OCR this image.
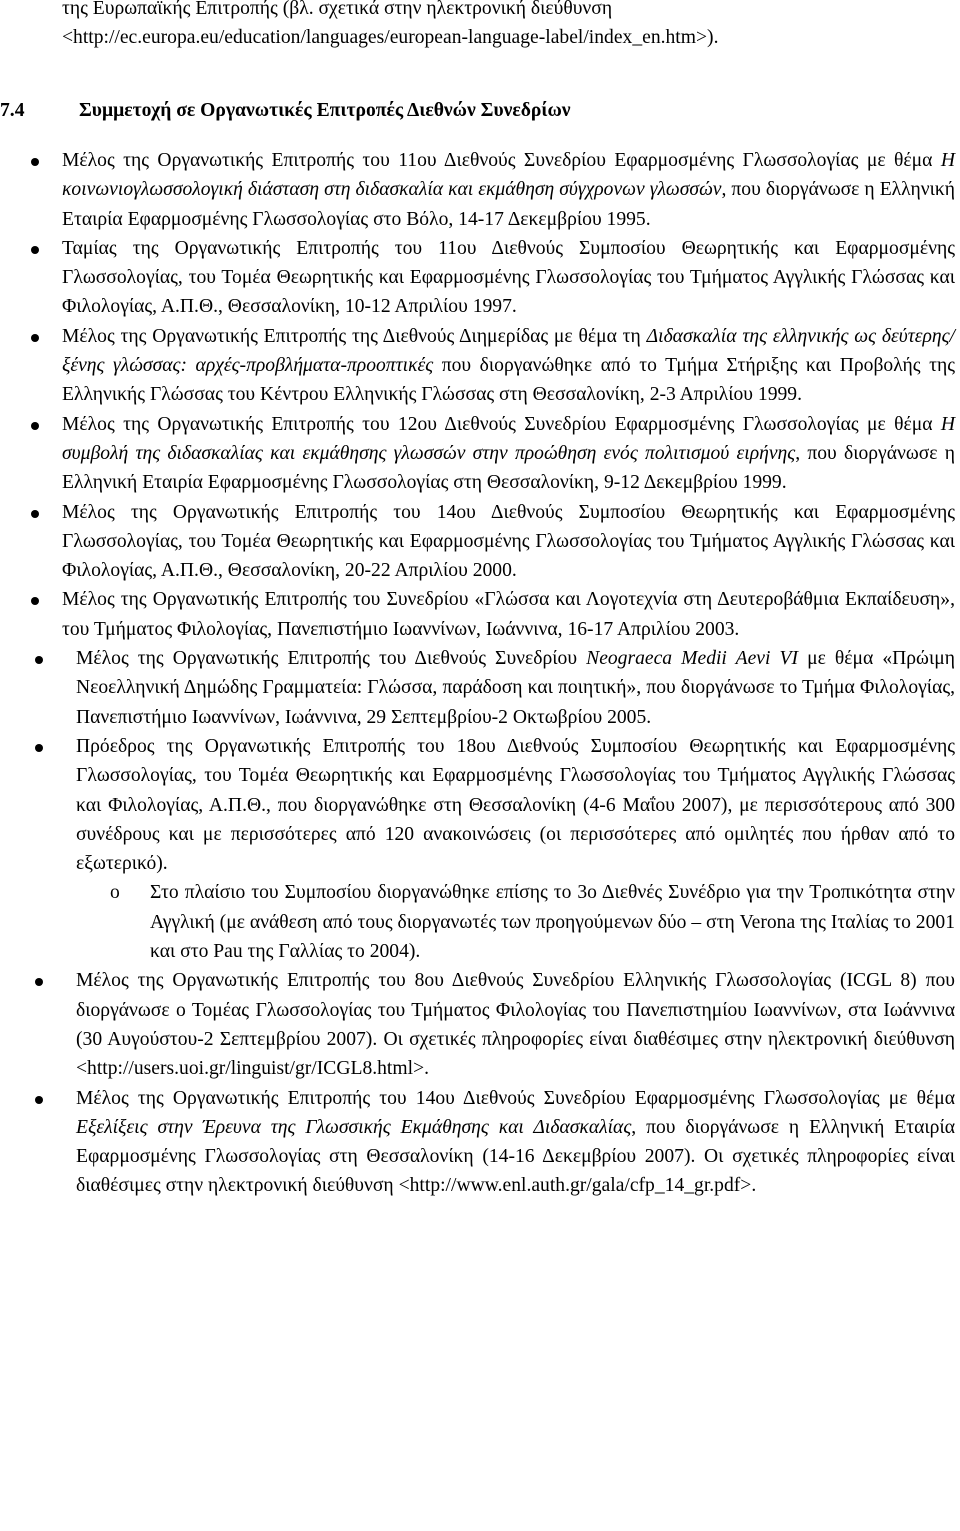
της Ευρωπαϊκής Επιτροπής (βλ. σχετικά στην ηλεκτρονική διεύθυνση
<http://ec.europa.eu/education/languages/european-language-label/index_en.htm>).
7.4	Συμμετοχή σε Οργανωτικές Επιτροπές Διεθνών Συνεδρίων
Μέλος της Οργανωτικής Επιτροπής του 11ου Διεθνούς Συνεδρίου Εφαρμοσμένης Γλωσσολογίας με θέμα Η κοινωνιογλωσσολογική διάσταση στη διδασκαλία και εκμάθηση σύγχρονων γλωσσών, που διοργάνωσε η Ελληνική Εταιρία Εφαρμοσμένης Γλωσσολογίας στο Βόλο, 14-17 Δεκεμβρίου 1995.
Ταμίας της Οργανωτικής Επιτροπής του 11ου Διεθνούς Συμποσίου Θεωρητικής και Εφαρμοσμένης Γλωσσολογίας, του Τομέα Θεωρητικής και Εφαρμοσμένης Γλωσσολογίας του Τμήματος Αγγλικής Γλώσσας και Φιλολογίας, Α.Π.Θ., Θεσσαλονίκη, 10-12 Απριλίου 1997.
Μέλος της Οργανωτικής Επιτροπής της Διεθνούς Διημερίδας με θέμα τη Διδασκαλία της ελληνικής ως δεύτερης/ξένης γλώσσας: αρχές-προβλήματα-προοπτικές που διοργανώθηκε από το Τμήμα Στήριξης και Προβολής της Ελληνικής Γλώσσας του Κέντρου Ελληνικής Γλώσσας στη Θεσσαλονίκη, 2-3 Απριλίου 1999.
Μέλος της Οργανωτικής Επιτροπής του 12ου Διεθνούς Συνεδρίου Εφαρμοσμένης Γλωσσολογίας με θέμα Η συμβολή της διδασκαλίας και εκμάθησης γλωσσών στην προώθηση ενός πολιτισμού ειρήνης, που διοργάνωσε η Ελληνική Εταιρία Εφαρμοσμένης Γλωσσολογίας στη Θεσσαλονίκη, 9-12 Δεκεμβρίου 1999.
Μέλος της Οργανωτικής Επιτροπής του 14ου Διεθνούς Συμποσίου Θεωρητικής και Εφαρμοσμένης Γλωσσολογίας, του Τομέα Θεωρητικής και Εφαρμοσμένης Γλωσσολογίας του Τμήματος Αγγλικής Γλώσσας και Φιλολογίας, Α.Π.Θ., Θεσσαλονίκη, 20-22 Απριλίου 2000.
Μέλος της Οργανωτικής Επιτροπής του Συνεδρίου «Γλώσσα και Λογοτεχνία στη Δευτεροβάθμια Εκπαίδευση», του Τμήματος Φιλολογίας, Πανεπιστήμιο Ιωαννίνων, Ιωάννινα, 16-17 Απριλίου 2003.
Μέλος της Οργανωτικής Επιτροπής του Διεθνούς Συνεδρίου Neograeca Medii Aevi VI με θέμα «Πρώιμη Νεοελληνική Δημώδης Γραμματεία: Γλώσσα, παράδοση και ποιητική», που διοργάνωσε το Τμήμα Φιλολογίας, Πανεπιστήμιο Ιωαννίνων, Ιωάννινα, 29 Σεπτεμβρίου-2 Οκτωβρίου 2005.
Πρόεδρος της Οργανωτικής Επιτροπής του 18ου Διεθνούς Συμποσίου Θεωρητικής και Εφαρμοσμένης Γλωσσολογίας, του Τομέα Θεωρητικής και Εφαρμοσμένης Γλωσσολογίας του Τμήματος Αγγλικής Γλώσσας και Φιλολογίας, Α.Π.Θ., που διοργανώθηκε στη Θεσσαλονίκη (4-6 Μαΐου 2007), με περισσότερους από 300 συνέδρους και με περισσότερες από 120 ανακοινώσεις (οι περισσότερες από ομιλητές που ήρθαν από το εξωτερικό).
o Στο πλαίσιο του Συμποσίου διοργανώθηκε επίσης το 3ο Διεθνές Συνέδριο για την Τροπικότητα στην Αγγλική (με ανάθεση από τους διοργανωτές των προηγούμενων δύο – στη Verona της Ιταλίας το 2001 και στο Pau της Γαλλίας το 2004).
Μέλος της Οργανωτικής Επιτροπής του 8ου Διεθνούς Συνεδρίου Ελληνικής Γλωσσολογίας (ICGL 8) που διοργάνωσε ο Τομέας Γλωσσολογίας του Τμήματος Φιλολογίας του Πανεπιστημίου Ιωαννίνων, στα Ιωάννινα (30 Αυγούστου-2 Σεπτεμβρίου 2007). Οι σχετικές πληροφορίες είναι διαθέσιμες στην ηλεκτρονική διεύθυνση <http://users.uoi.gr/linguist/gr/ICGL8.html>.
Μέλος της Οργανωτικής Επιτροπής του 14ου Διεθνούς Συνεδρίου Εφαρμοσμένης Γλωσσολογίας με θέμα Εξελίξεις στην Έρευνα της Γλωσσικής Εκμάθησης και Διδασκαλίας, που διοργάνωσε η Ελληνική Εταιρία Εφαρμοσμένης Γλωσσολογίας στη Θεσσαλονίκη (14-16 Δεκεμβρίου 2007). Οι σχετικές πληροφορίες είναι διαθέσιμες στην ηλεκτρονική διεύθυνση <http://www.enl.auth.gr/gala/cfp_14_gr.pdf>.
